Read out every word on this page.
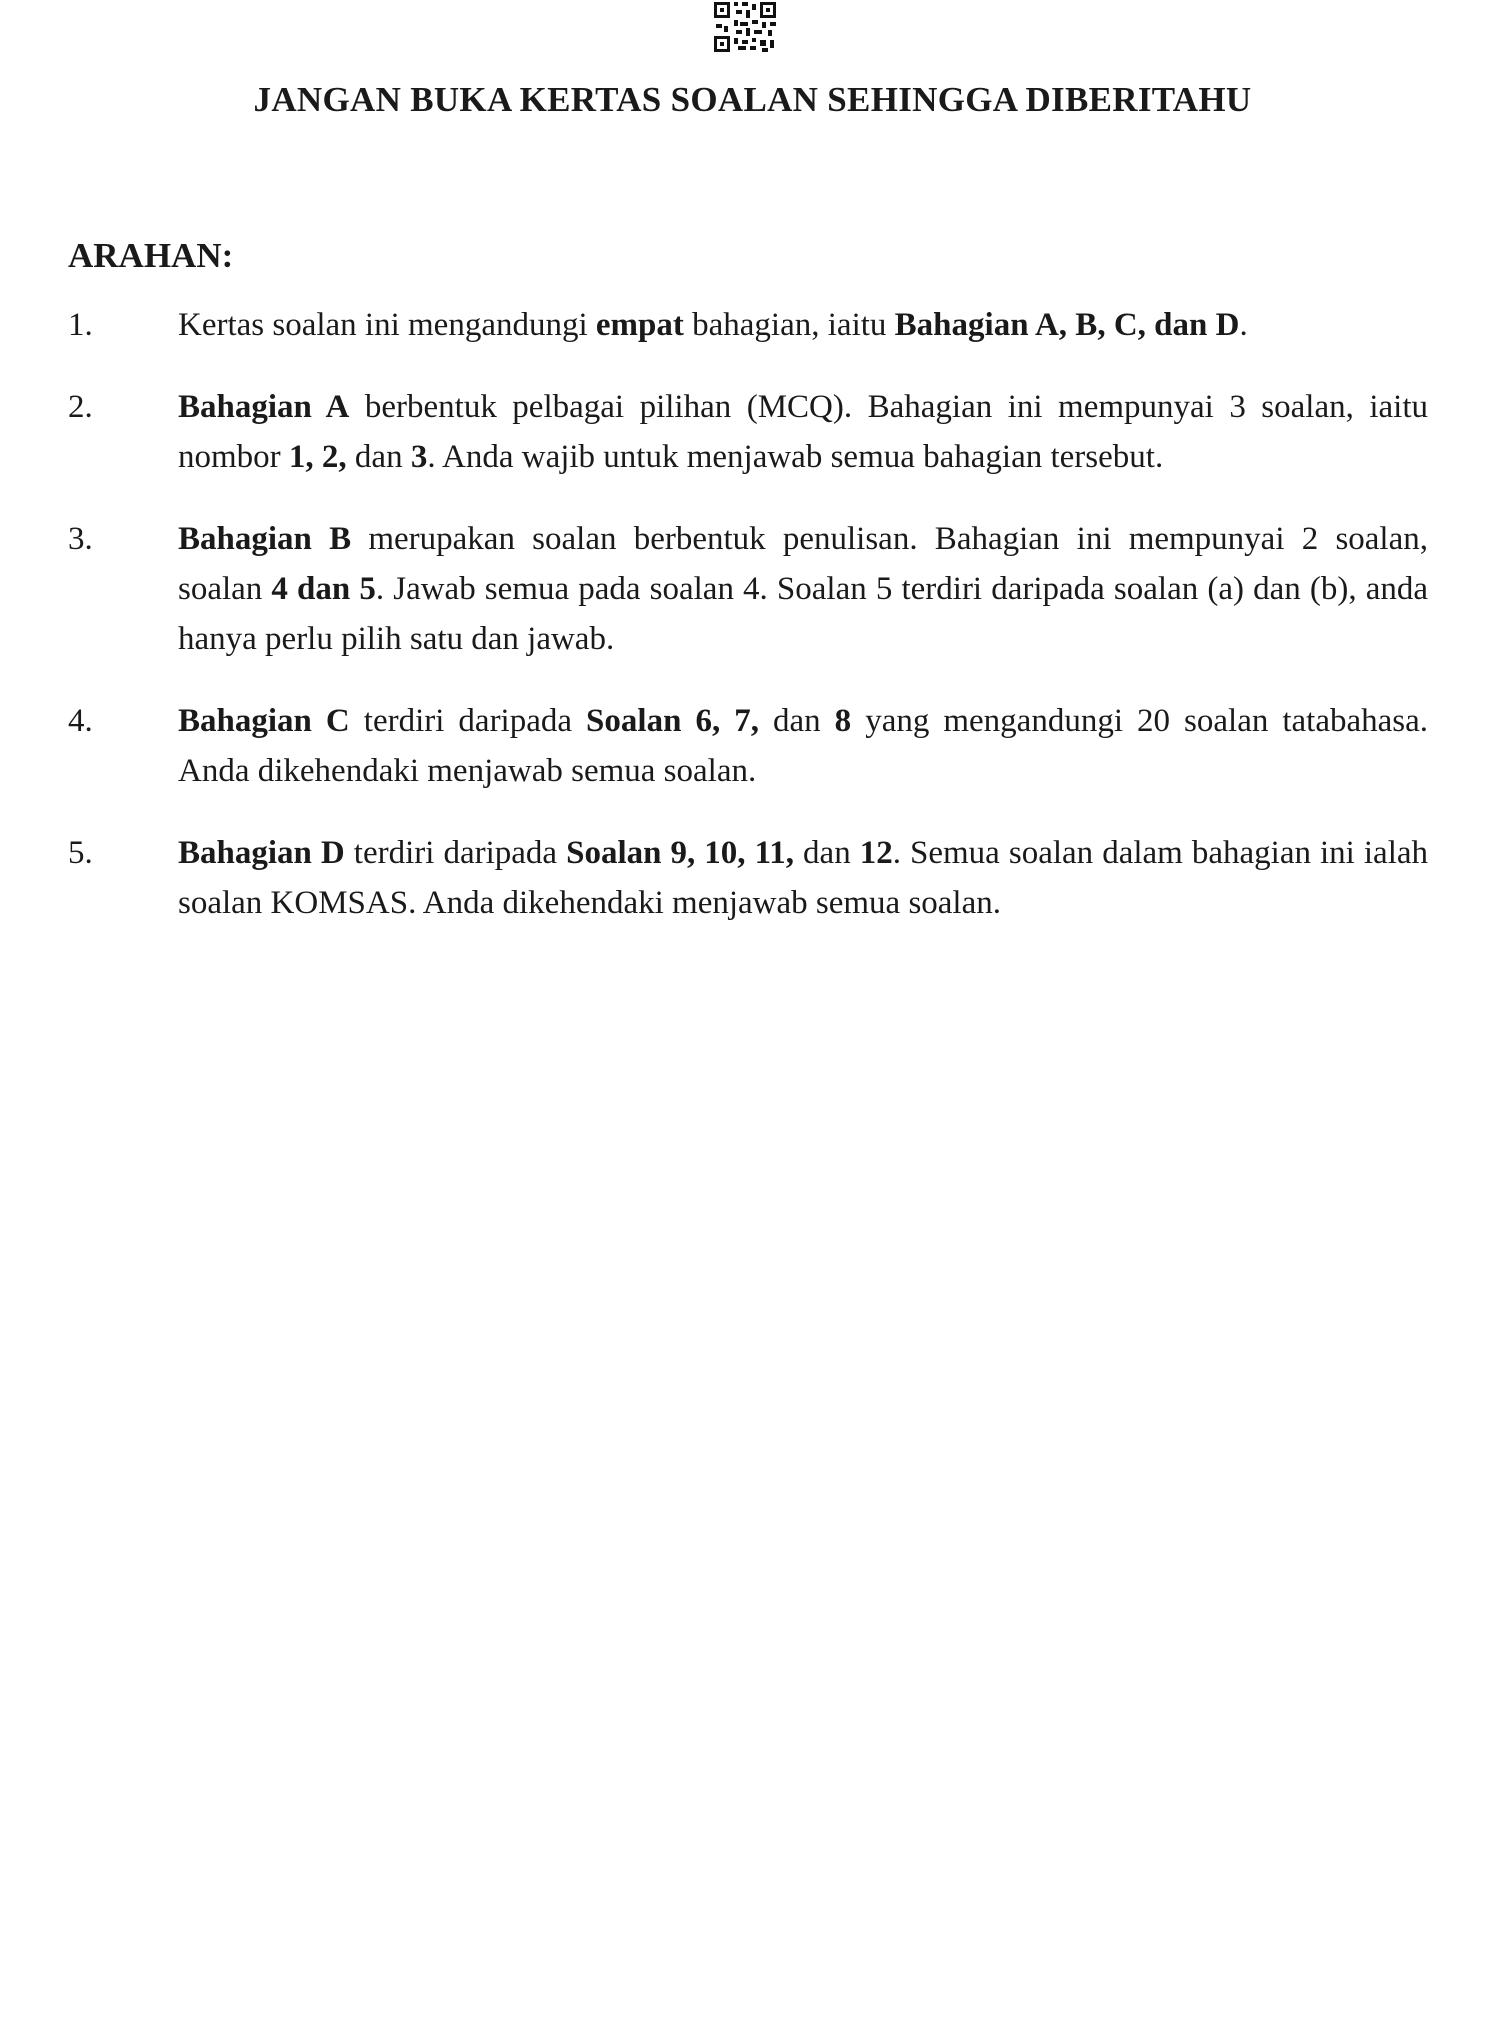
JANGAN BUKA KERTAS SOALAN SEHINGGA DIBERITAHU
ARAHAN:
1.	Kertas soalan ini mengandungi empat bahagian, iaitu Bahagian A, B, C, dan D.
2.	Bahagian A berbentuk pelbagai pilihan (MCQ). Bahagian ini mempunyai 3 soalan, iaitu nombor 1, 2, dan 3. Anda wajib untuk menjawab semua bahagian tersebut.
3.	Bahagian B merupakan soalan berbentuk penulisan. Bahagian ini mempunyai 2 soalan, soalan 4 dan 5. Jawab semua pada soalan 4. Soalan 5 terdiri daripada soalan (a) dan (b), anda hanya perlu pilih satu dan jawab.
4.	Bahagian C terdiri daripada Soalan 6, 7, dan 8 yang mengandungi 20 soalan tatabahasa. Anda dikehendaki menjawab semua soalan.
5.	Bahagian D terdiri daripada Soalan 9, 10, 11, dan 12. Semua soalan dalam bahagian ini ialah soalan KOMSAS. Anda dikehendaki menjawab semua soalan.
